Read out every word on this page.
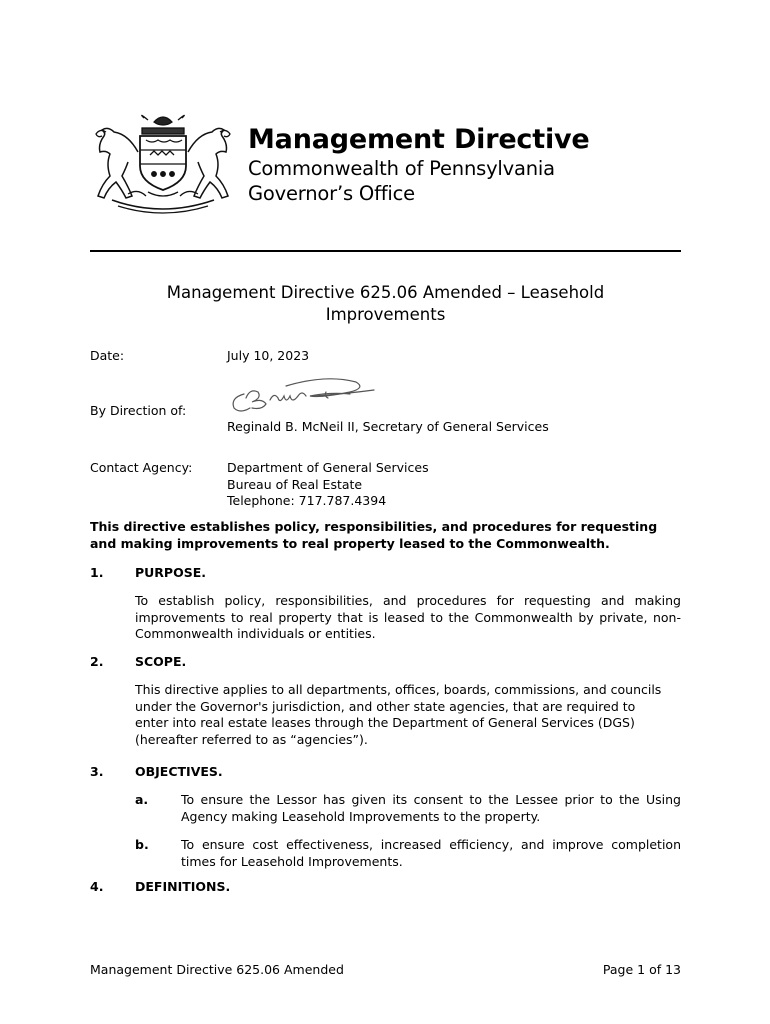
Management Directive
Commonwealth of Pennsylvania
Governor’s Office
Management Directive 625.06 Amended – Leasehold
Improvements
Date:	July 10, 2023
By Direction of:
Reginald B. McNeil II, Secretary of General Services
Contact Agency:	Department of General Services
Bureau of Real Estate
Telephone: 717.787.4394
This directive establishes policy, responsibilities, and procedures for requesting
and making improvements to real property leased to the Commonwealth.
1.	PURPOSE.
To establish policy, responsibilities, and procedures for requesting and making
improvements to real property that is leased to the Commonwealth by private, non-
Commonwealth individuals or entities.
2.	SCOPE.
This directive applies to all departments, offices, boards, commissions, and councils
under the Governor's jurisdiction, and other state agencies, that are required to
enter into real estate leases through the Department of General Services (DGS)
(hereafter referred to as “agencies”).
3.	OBJECTIVES.
a.	To ensure the Lessor has given its consent to the Lessee prior to the Using
Agency making Leasehold Improvements to the property.
b.	To ensure cost effectiveness, increased efficiency, and improve completion
times for Leasehold Improvements.
4.	DEFINITIONS.
Management Directive 625.06 Amended	Page 1 of 13
